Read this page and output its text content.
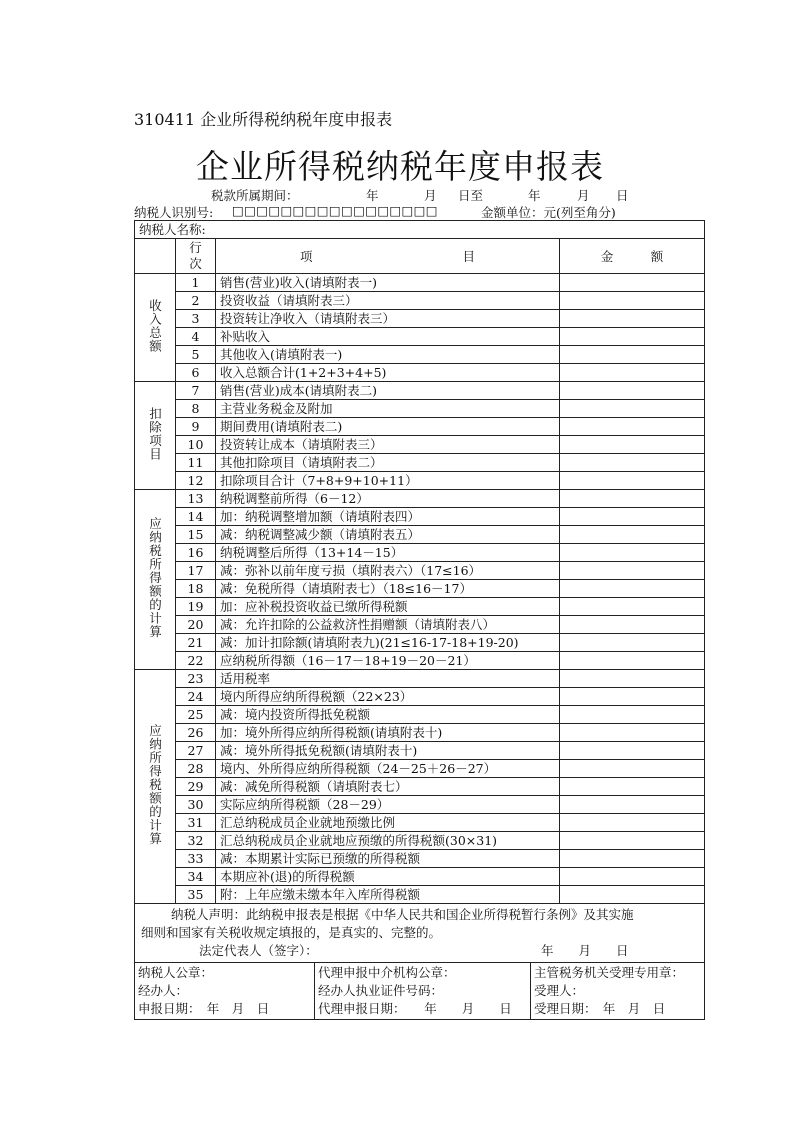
310411 企业所得税纳税年度申报表
企业所得税纳税年度申报表
税款所属期间：	年	月 日至	年	月 日
纳税人识别号: □□□□□□□□□□□□□□□□□	金额单位：元(列至角分)
纳税人名称:			

	行
次	项　　　　　　　　　　　　目	金　　　额
收入总额	1	销售(营业)收入(请填附表一)	
	2	投资收益（请填附表三）	
	3	投资转让净收入（请填附表三）	
	4	补贴收入	
	5	其他收入(请填附表一)	
	6	收入总额合计(1+2+3+4+5)	
扣除项目	7	销售(营业)成本(请填附表二)	
	8	主营业务税金及附加	
	9	期间费用(请填附表二)	
	10	投资转让成本（请填附表三）	
	11	其他扣除项目（请填附表二）	
	12	扣除项目合计（7+8+9+10+11）	
应纳税所得额的计算	13	纳税调整前所得（6－12）	
	14	加：纳税调整增加额（请填附表四）	
	15	减：纳税调整减少额（请填附表五）	
	16	纳税调整后所得（13+14－15）	
	17	减：弥补以前年度亏损（填附表六）（17≤16）	
	18	减：免税所得（请填附表七）（18≤16－17）	
	19	加：应补税投资收益已缴所得税额	
	20	减：允许扣除的公益救济性捐赠额（请填附表八）	
	21	减：加计扣除额(请填附表九)(21≤16-17-18+19-20)	
	22	应纳税所得额（16－17－18+19－20－21）	
应纳所得税额的计算	23	适用税率	
	24	境内所得应纳所得税额（22×23）	
	25	减：境内投资所得抵免税额	
	26	加：境外所得应纳所得税额(请填附表十)	
	27	减：境外所得抵免税额(请填附表十)	
	28	境内、外所得应纳所得税额（24－25＋26－27）	
	29	减：减免所得税额（请填附表七）	
	30	实际应纳所得税额（28－29）	
	31	汇总纳税成员企业就地预缴比例	
	32	汇总纳税成员企业就地应预缴的所得税额(30×31)	
	33	减：本期累计实际已预缴的所得税额	
	34	本期应补(退)的所得税额	
	35	附：上年应缴未缴本年入库所得税额	

纳税人声明：此纳税申报表是根据《中华人民共和国企业所得税暂行条例》及其实施
细则和国家有关税收规定填报的，是真实的、完整的。
法定代表人（签字）： 年　　月　　日			
纳税人公章：
经办人：
申报日期：　年　月　日

代理申报中介机构公章：
经办人执业证件号码：
代理申报日期：　　年　　月　　日

主管税务机关受理专用章：
受理人：
受理日期：　年　月　日
